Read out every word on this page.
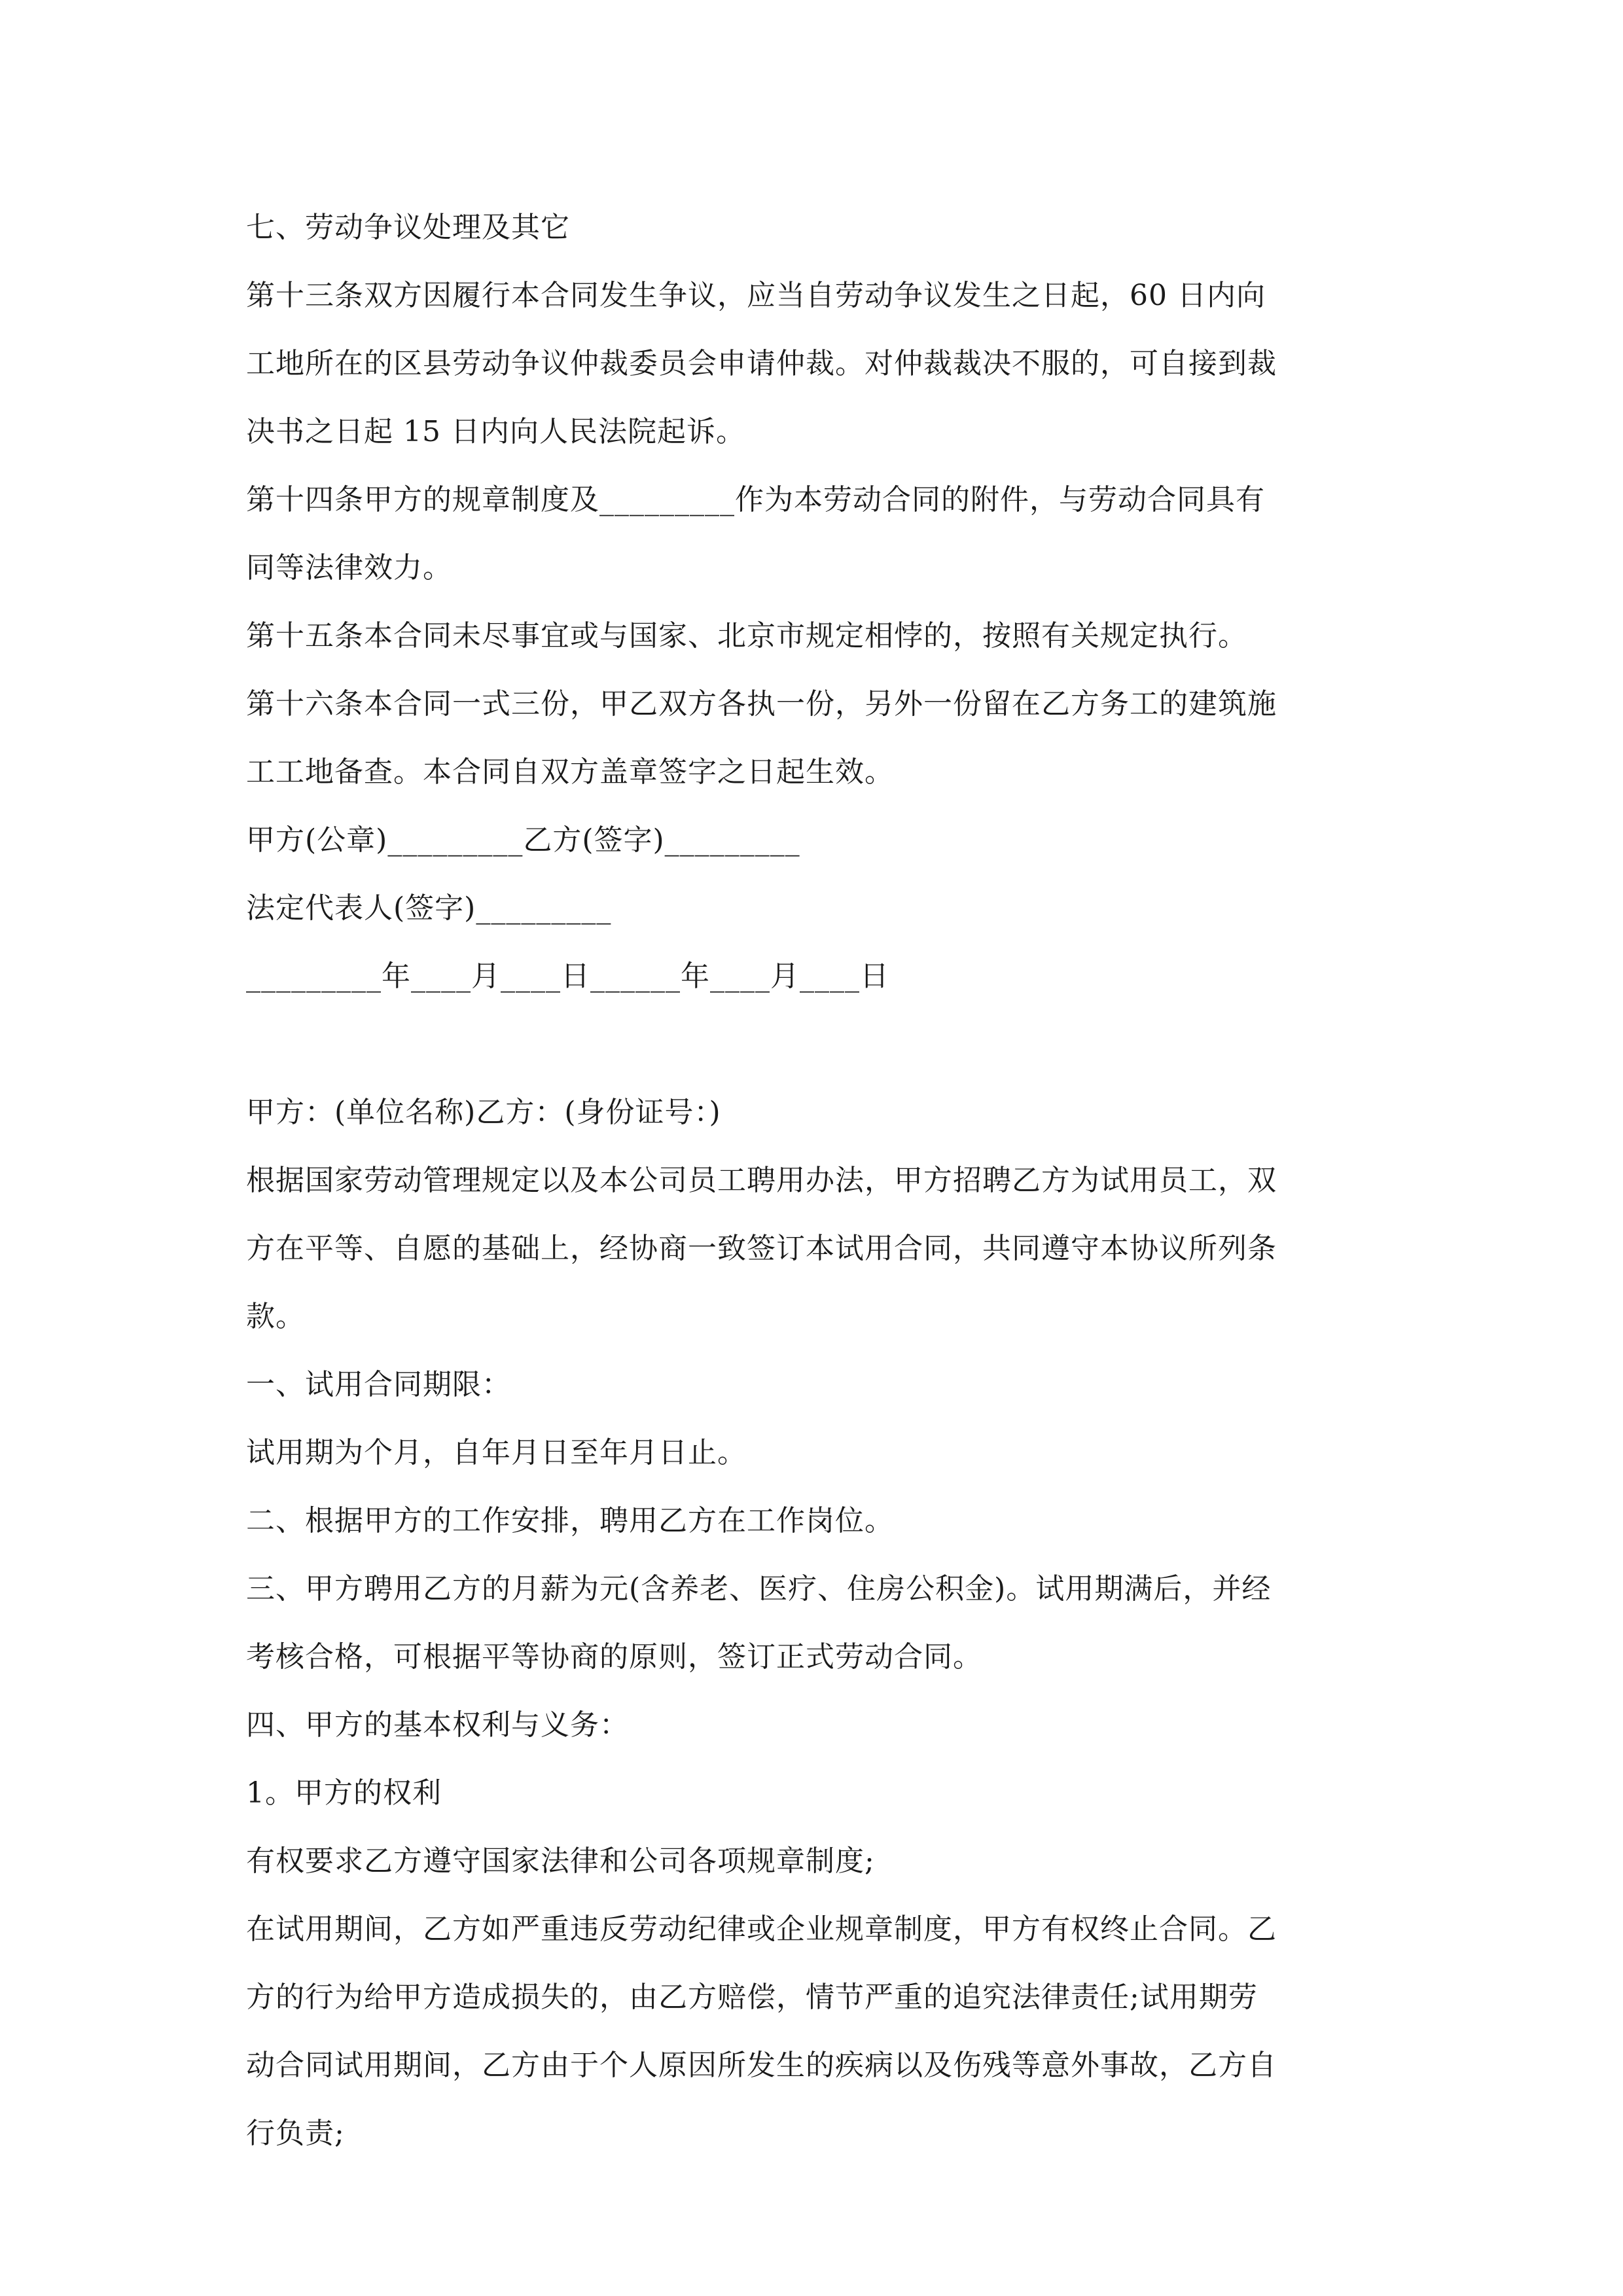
七、劳动争议处理及其它
第十三条双方因履行本合同发生争议，应当自劳动争议发生之日起，60 日内向
工地所在的区县劳动争议仲裁委员会申请仲裁。对仲裁裁决不服的，可自接到裁
决书之日起 15 日内向人民法院起诉。
第十四条甲方的规章制度及_________作为本劳动合同的附件，与劳动合同具有
同等法律效力。
第十五条本合同未尽事宜或与国家、北京市规定相悖的，按照有关规定执行。
第十六条本合同一式三份，甲乙双方各执一份，另外一份留在乙方务工的建筑施
工工地备查。本合同自双方盖章签字之日起生效。
甲方(公章)_________乙方(签字)_________
法定代表人(签字)_________
_________年____月____日______年____月____日
甲方：(单位名称)乙方：(身份证号：)
根据国家劳动管理规定以及本公司员工聘用办法，甲方招聘乙方为试用员工，双
方在平等、自愿的基础上，经协商一致签订本试用合同，共同遵守本协议所列条
款。
一、试用合同期限：
试用期为个月，自年月日至年月日止。
二、根据甲方的工作安排，聘用乙方在工作岗位。
三、甲方聘用乙方的月薪为元(含养老、医疗、住房公积金)。试用期满后，并经
考核合格，可根据平等协商的原则，签订正式劳动合同。
四、甲方的基本权利与义务：
1。甲方的权利
有权要求乙方遵守国家法律和公司各项规章制度;
在试用期间，乙方如严重违反劳动纪律或企业规章制度，甲方有权终止合同。乙
方的行为给甲方造成损失的，由乙方赔偿，情节严重的追究法律责任;试用期劳
动合同试用期间，乙方由于个人原因所发生的疾病以及伤残等意外事故，乙方自
行负责;
